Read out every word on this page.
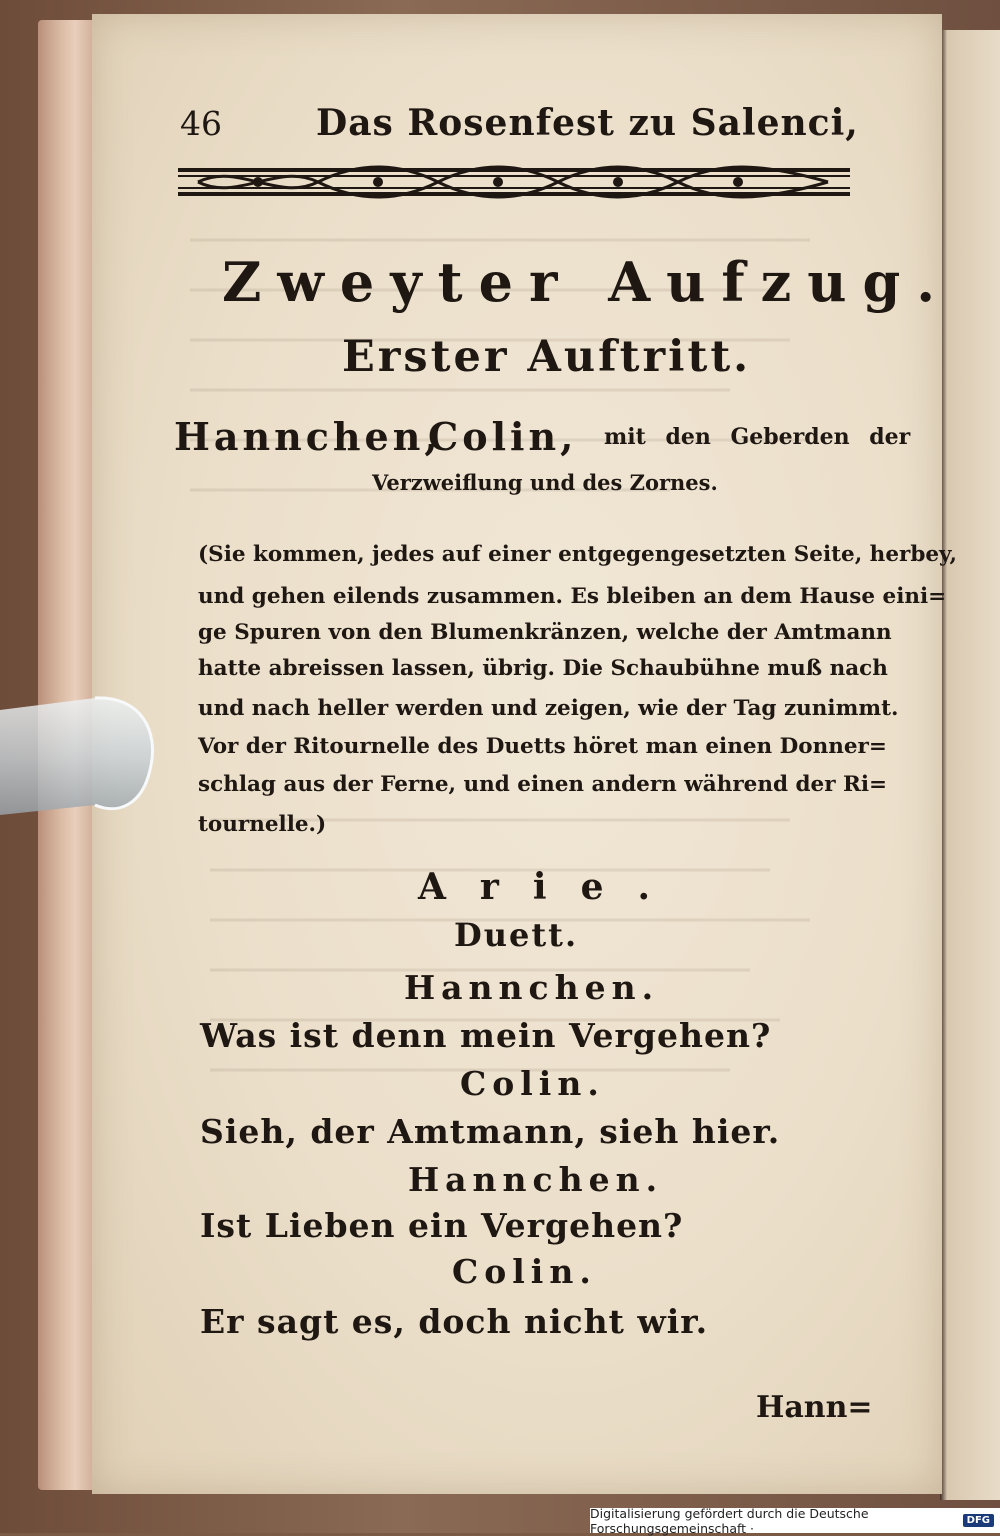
46	Das Rosenfest zu Salenci,
Zweyter Aufzug.
Erster Auftritt.
Hannchen,
Colin, mit den Geberden der
Verzweiflung und des Zornes.
(Sie kommen, jedes auf einer entgegengesetzten Seite, herbey,
und gehen eilends zusammen. Es bleiben an dem Hause eini=
ge Spuren von den Blumenkränzen, welche der Amtmann
hatte abreissen lassen, übrig. Die Schaubühne muß nach
und nach heller werden und zeigen, wie der Tag zunimmt.
Vor der Ritournelle des Duetts höret man einen Donner=
schlag aus der Ferne, und einen andern während der Ri=
tournelle.)
Arie.
Duett.
Hannchen.
Was ist denn mein Vergehen?
Colin.
Sieh, der Amtmann, sieh hier.
Hannchen.
Ist Lieben ein Vergehen?
Colin.
Er sagt es, doch nicht wir.
Hann=
Digitalisierung gefördert durch die Deutsche Forschungsgemeinschaft ·	DFG
